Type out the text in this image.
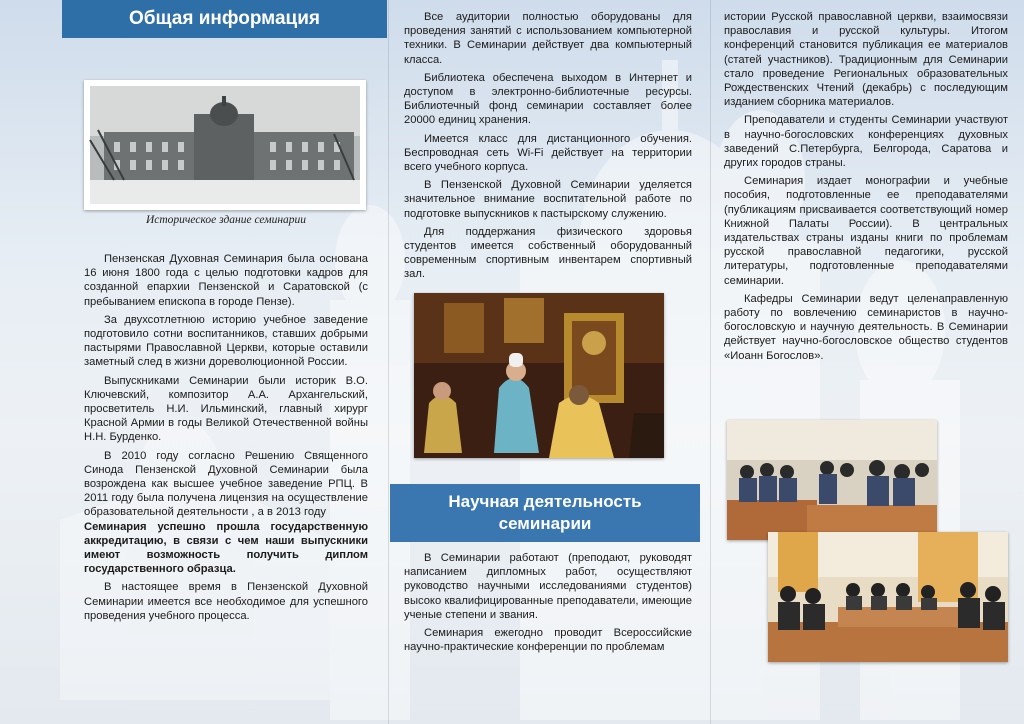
Общая информация
Историческое здание семинарии

Пензенская Духовная Семинария была основана 16 июня 1800 года с целью подготовки кадров для созданной епархии Пензенской и Саратовской (с пребыванием епископа в городе Пензе).

За двухсотлетнюю историю учебное заведение подготовило сотни воспитанников, ставших добрыми пастырями Православной Церкви, которые оставили заметный след в жизни дореволюционной России.

Выпускниками Семинарии были историк В.О. Ключевский, композитор А.А. Архангельский, просветитель Н.И. Ильминский, главный хирург Красной Армии в годы Великой Отечественной войны Н.Н. Бурденко.

В 2010 году согласно Решению Священного Синода Пензенской Духовной Семинарии была возрождена как высшее учебное заведение РПЦ. В 2011 году была получена лицензия на осуществление образовательной деятельности , а в 2013 году

Семинария успешно прошла государственную аккредитацию, в связи с чем наши выпускники имеют возможность получить диплом государственного образца.

В настоящее время в Пензенской Духовной Семинарии имеется все необходимое для успешного проведения учебного процесса.

Все аудитории полностью оборудованы для проведения занятий с использованием компьютерной техники. В Семинарии действует два компьютерный класса.

Библиотека обеспечена выходом в Интернет и доступом в электронно-библиотечные ресурсы. Библиотечный фонд семинарии составляет более 20000 единиц хранения.

Имеется класс для дистанционного обучения. Беспроводная сеть Wi-Fi действует на территории всего учебного корпуса.

В Пензенской Духовной Семинарии уделяется значительное внимание воспитательной работе по подготовке выпускников к пастырскому служению.

Для поддержания физического здоровья студентов имеется собственный оборудованный современным спортивным инвентарем спортивный зал.

Научная деятельность
семинарии

В Семинарии работают (преподают, руководят написанием дипломных работ, осуществляют руководство научными исследованиями студентов) высоко квалифицированные преподаватели, имеющие ученые степени и звания.

Семинария ежегодно проводит Всероссийские научно-практические конференции по проблемам

истории Русской православной церкви, взаимосвязи православия и русской культуры. Итогом конференций становится публикация ее материалов (статей участников). Традиционным для Семинарии стало проведение Региональных образовательных Рождественских Чтений (декабрь) с последующим изданием сборника материалов.

Преподаватели и студенты Семинарии участвуют в научно-богословских конференциях духовных заведений С.Петербурга, Белгорода, Саратова и других городов страны.

Семинария издает монографии и учебные пособия, подготовленные ее преподавателями (публикациям присваивается соответствующий номер Книжной Палаты России). В центральных издательствах страны изданы книги по проблемам русской православной педагогики, русской литературы, подготовленные преподавателями семинарии.

Кафедры Семинарии ведут целенаправленную работу по вовлечению семинаристов в научно-богословскую и научную деятельность. В Семинарии действует научно-богословское общество студентов «Иоанн Богослов».
